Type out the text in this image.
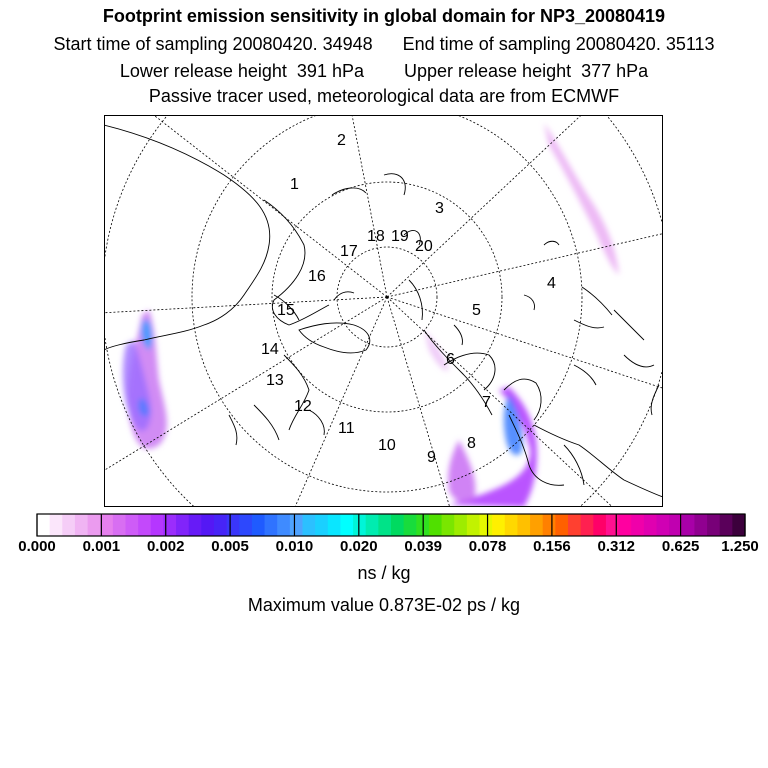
Footprint emission sensitivity in global domain for NP3_20080419
Start time of sampling 20080420. 34948      End time of sampling 20080420. 35113
Lower release height  391 hPa        Upper release height  377 hPa
Passive tracer used, meteorological data are from ECMWF
1
2
3
4
5
6
7
8
9
10
11
12
13
14
15
16
17
18 19
20
0.000 0.001 0.002 0.005 0.010 0.020 0.039 0.078 0.156 0.312 0.625 1.250
ns / kg
Maximum value 0.873E-02 ps / kg
